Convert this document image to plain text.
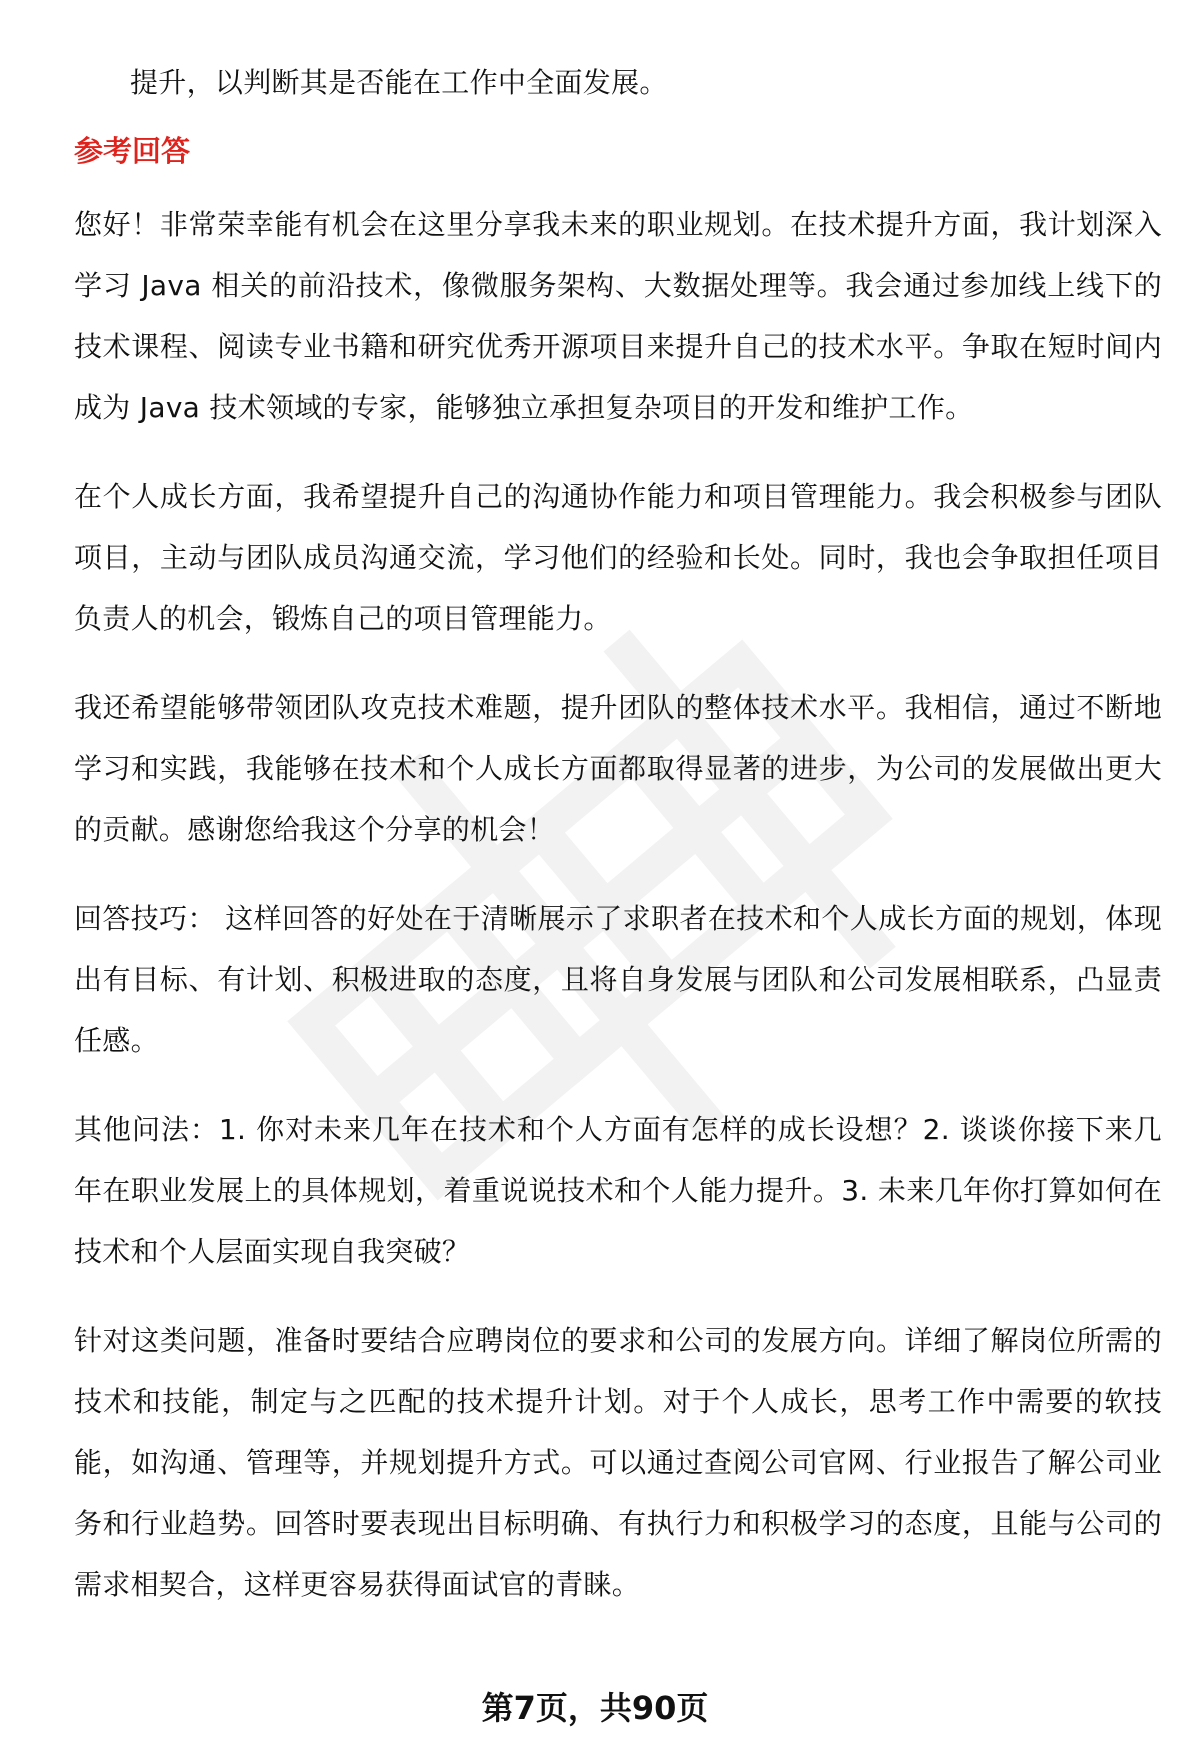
提升，以判断其是否能在工作中全面发展。

参考回答

您好！非常荣幸能有机会在这里分享我未来的职业规划。在技术提升方面，我计划深入学习 Java 相关的前沿技术，像微服务架构、大数据处理等。我会通过参加线上线下的技术课程、阅读专业书籍和研究优秀开源项目来提升自己的技术水平。争取在短时间内成为 Java 技术领域的专家，能够独立承担复杂项目的开发和维护工作。

在个人成长方面，我希望提升自己的沟通协作能力和项目管理能力。我会积极参与团队项目，主动与团队成员沟通交流，学习他们的经验和长处。同时，我也会争取担任项目负责人的机会，锻炼自己的项目管理能力。

我还希望能够带领团队攻克技术难题，提升团队的整体技术水平。我相信，通过不断地学习和实践，我能够在技术和个人成长方面都取得显著的进步，为公司的发展做出更大的贡献。感谢您给我这个分享的机会！

回答技巧： 这样回答的好处在于清晰展示了求职者在技术和个人成长方面的规划，体现出有目标、有计划、积极进取的态度，且将自身发展与团队和公司发展相联系，凸显责任感。

其他问法：1. 你对未来几年在技术和个人方面有怎样的成长设想？2. 谈谈你接下来几年在职业发展上的具体规划，着重说说技术和个人能力提升。3. 未来几年你打算如何在技术和个人层面实现自我突破？

针对这类问题，准备时要结合应聘岗位的要求和公司的发展方向。详细了解岗位所需的技术和技能，制定与之匹配的技术提升计划。对于个人成长，思考工作中需要的软技能，如沟通、管理等，并规划提升方式。可以通过查阅公司官网、行业报告了解公司业务和行业趋势。回答时要表现出目标明确、有执行力和积极学习的态度，且能与公司的需求相契合，这样更容易获得面试官的青睐。

第7页，共90页
